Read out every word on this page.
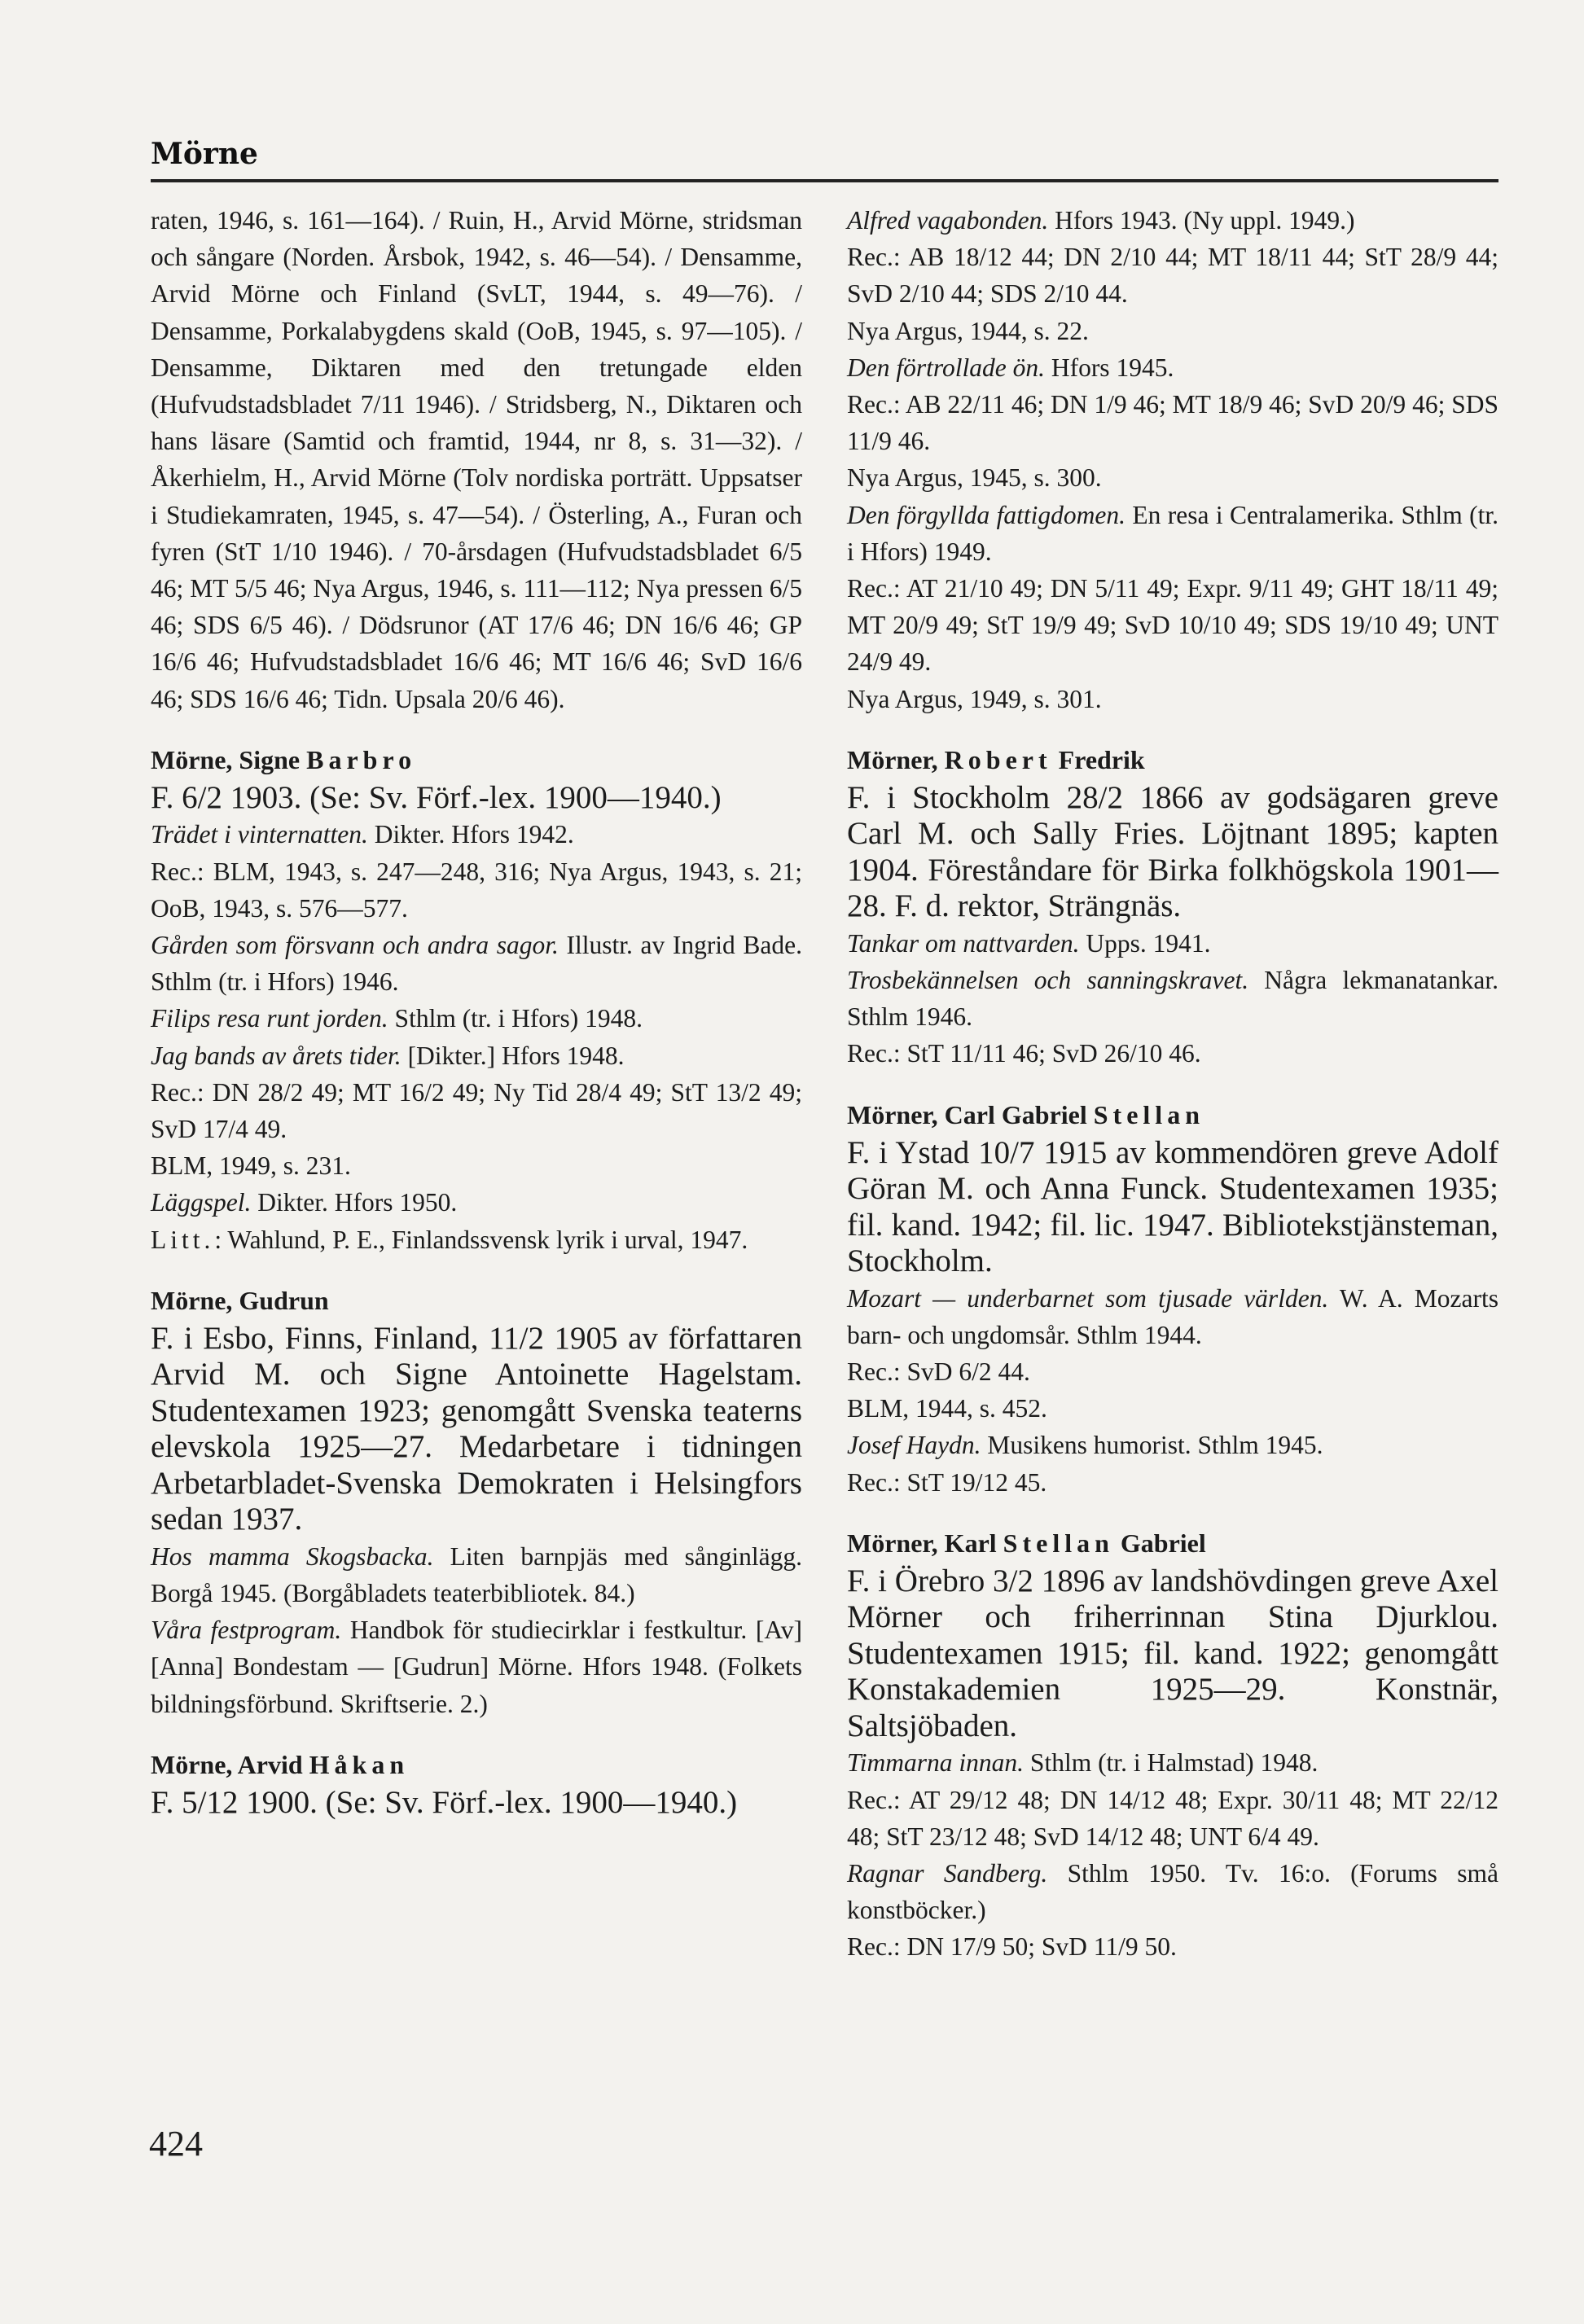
Mörne

raten, 1946, s. 161—164). / Ruin, H., Arvid Mörne, stridsman och sångare (Norden. Årsbok, 1942, s. 46—54). / Densamme, Arvid Mörne och Finland (SvLT, 1944, s. 49—76). / Densamme, Porkalabygdens skald (OoB, 1945, s. 97—105). / Densamme, Diktaren med den tretungade elden (Hufvudstadsbladet 7/11 1946). / Stridsberg, N., Diktaren och hans läsare (Samtid och framtid, 1944, nr 8, s. 31—32). / Åkerhielm, H., Arvid Mörne (Tolv nordiska porträtt. Uppsatser i Studiekamraten, 1945, s. 47—54). / Österling, A., Furan och fyren (StT 1/10 1946). / 70-årsdagen (Hufvudstadsbladet 6/5 46; MT 5/5 46; Nya Argus, 1946, s. 111—112; Nya pressen 6/5 46; SDS 6/5 46). / Dödsrunor (AT 17/6 46; DN 16/6 46; GP 16/6 46; Hufvudstadsbladet 16/6 46; MT 16/6 46; SvD 16/6 46; SDS 16/6 46; Tidn. Upsala 20/6 46).

Mörne, Signe Barbro

F. 6/2 1903. (Se: Sv. Förf.-lex. 1900—1940.)

Trädet i vinternatten. Dikter. Hfors 1942.

Rec.: BLM, 1943, s. 247—248, 316; Nya Argus, 1943, s. 21; OoB, 1943, s. 576—577.

Gården som försvann och andra sagor. Illustr. av Ingrid Bade. Sthlm (tr. i Hfors) 1946.

Filips resa runt jorden. Sthlm (tr. i Hfors) 1948.

Jag bands av årets tider. [Dikter.] Hfors 1948.

Rec.: DN 28/2 49; MT 16/2 49; Ny Tid 28/4 49; StT 13/2 49; SvD 17/4 49.

BLM, 1949, s. 231.

Läggspel. Dikter. Hfors 1950.

Litt.: Wahlund, P. E., Finlandssvensk lyrik i urval, 1947.

Mörne, Gudrun

F. i Esbo, Finns, Finland, 11/2 1905 av författaren Arvid M. och Signe Antoinette Hagelstam. Studentexamen 1923; genomgått Svenska teaterns elevskola 1925—27. Medarbetare i tidningen Arbetarbladet-Svenska Demokraten i Helsingfors sedan 1937.

Hos mamma Skogsbacka. Liten barnpjäs med sånginlägg. Borgå 1945. (Borgåbladets teaterbibliotek. 84.)

Våra festprogram. Handbok för studiecirklar i festkultur. [Av] [Anna] Bondestam — [Gudrun] Mörne. Hfors 1948. (Folkets bildningsförbund. Skriftserie. 2.)

Mörne, Arvid Håkan

F. 5/12 1900. (Se: Sv. Förf.-lex. 1900—1940.)

Alfred vagabonden. Hfors 1943. (Ny uppl. 1949.)

Rec.: AB 18/12 44; DN 2/10 44; MT 18/11 44; StT 28/9 44; SvD 2/10 44; SDS 2/10 44.

Nya Argus, 1944, s. 22.

Den förtrollade ön. Hfors 1945.

Rec.: AB 22/11 46; DN 1/9 46; MT 18/9 46; SvD 20/9 46; SDS 11/9 46.

Nya Argus, 1945, s. 300.

Den förgyllda fattigdomen. En resa i Centralamerika. Sthlm (tr. i Hfors) 1949.

Rec.: AT 21/10 49; DN 5/11 49; Expr. 9/11 49; GHT 18/11 49; MT 20/9 49; StT 19/9 49; SvD 10/10 49; SDS 19/10 49; UNT 24/9 49.

Nya Argus, 1949, s. 301.

Mörner, Robert Fredrik

F. i Stockholm 28/2 1866 av godsägaren greve Carl M. och Sally Fries. Löjtnant 1895; kapten 1904. Föreståndare för Birka folkhögskola 1901—28. F. d. rektor, Strängnäs.

Tankar om nattvarden. Upps. 1941.

Trosbekännelsen och sanningskravet. Några lekmanatankar. Sthlm 1946.

Rec.: StT 11/11 46; SvD 26/10 46.

Mörner, Carl Gabriel Stellan

F. i Ystad 10/7 1915 av kommendören greve Adolf Göran M. och Anna Funck. Studentexamen 1935; fil. kand. 1942; fil. lic. 1947. Bibliotekstjänsteman, Stockholm.

Mozart — underbarnet som tjusade världen. W. A. Mozarts barn- och ungdomsår. Sthlm 1944.

Rec.: SvD 6/2 44.

BLM, 1944, s. 452.

Josef Haydn. Musikens humorist. Sthlm 1945.

Rec.: StT 19/12 45.

Mörner, Karl Stellan Gabriel

F. i Örebro 3/2 1896 av landshövdingen greve Axel Mörner och friherrinnan Stina Djurklou. Studentexamen 1915; fil. kand. 1922; genomgått Konstakademien 1925—29. Konstnär, Saltsjöbaden.

Timmarna innan. Sthlm (tr. i Halmstad) 1948.

Rec.: AT 29/12 48; DN 14/12 48; Expr. 30/11 48; MT 22/12 48; StT 23/12 48; SvD 14/12 48; UNT 6/4 49.

Ragnar Sandberg. Sthlm 1950. Tv. 16:o. (Forums små konstböcker.)

Rec.: DN 17/9 50; SvD 11/9 50.

424
